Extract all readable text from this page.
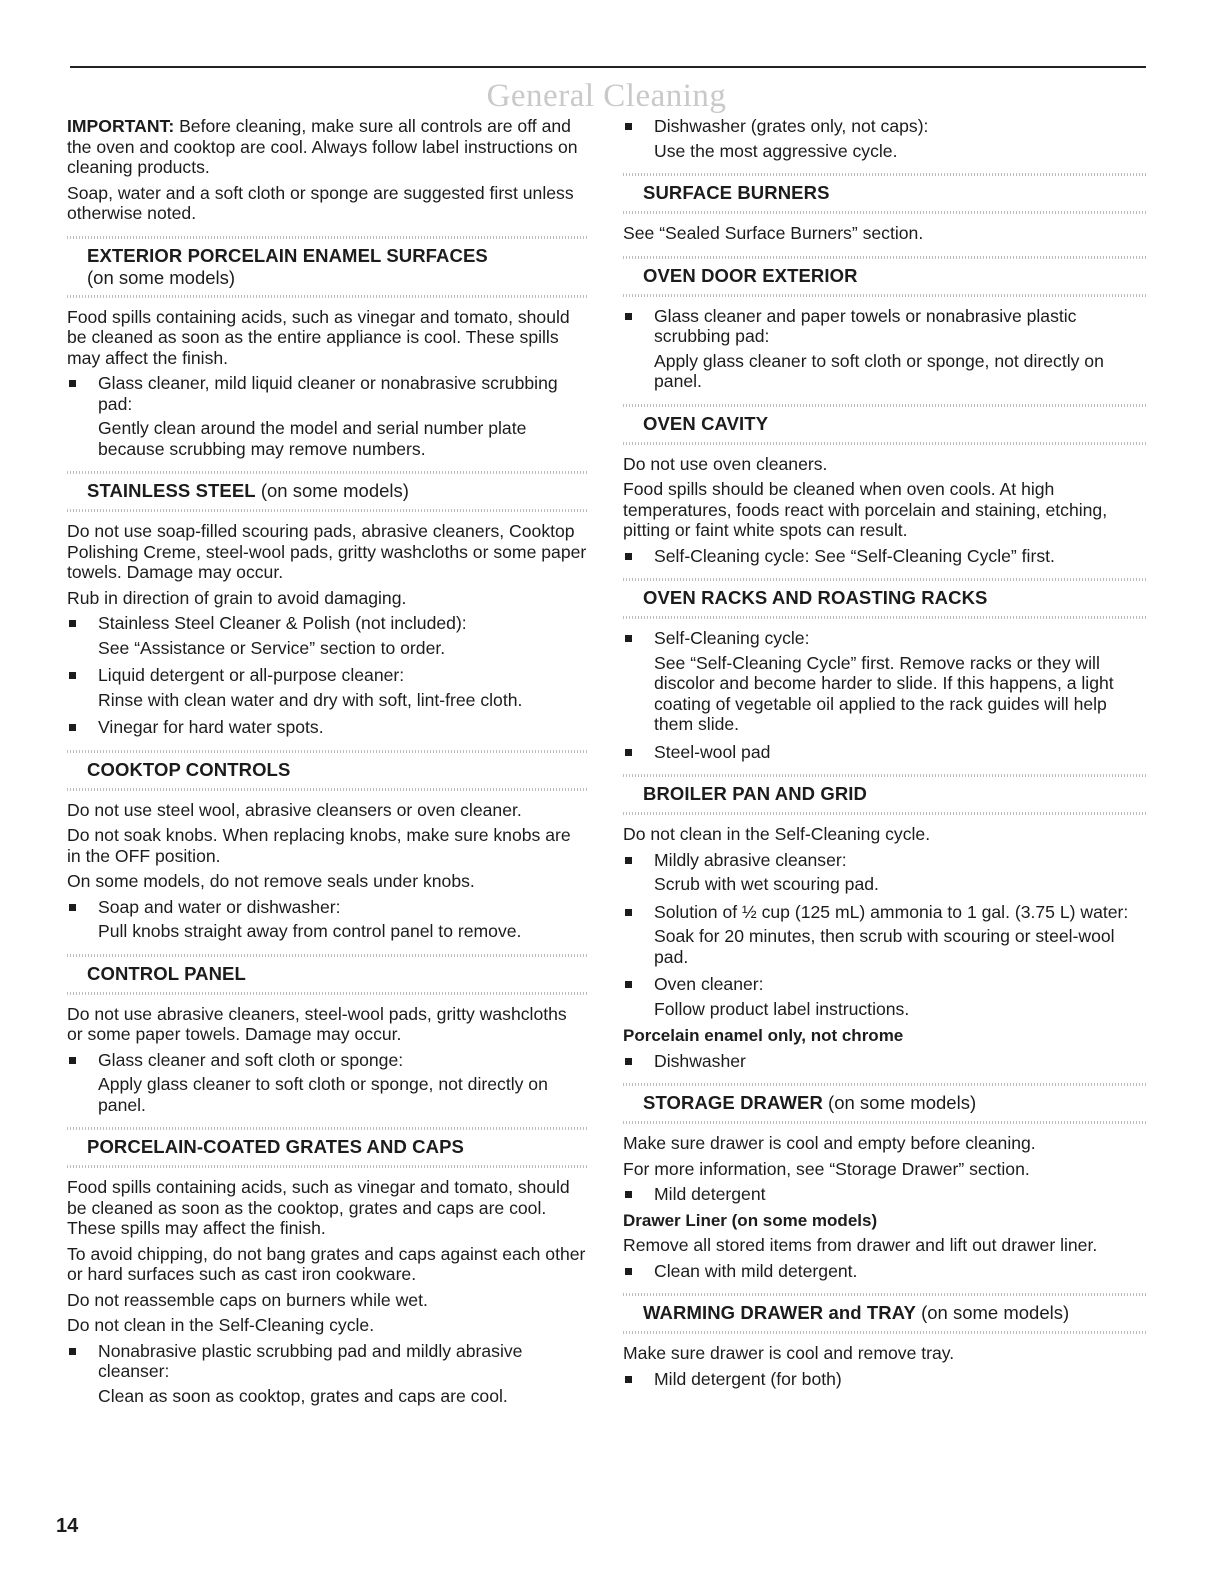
General Cleaning

IMPORTANT: Before cleaning, make sure all controls are off and the oven and cooktop are cool. Always follow label instructions on cleaning products.

Soap, water and a soft cloth or sponge are suggested first unless otherwise noted.

EXTERIOR PORCELAIN ENAMEL SURFACES
(on some models)

Food spills containing acids, such as vinegar and tomato, should be cleaned as soon as the entire appliance is cool. These spills may affect the finish.

Glass cleaner, mild liquid cleaner or nonabrasive scrubbing pad:

Gently clean around the model and serial number plate because scrubbing may remove numbers.

STAINLESS STEEL (on some models)

Do not use soap-filled scouring pads, abrasive cleaners, Cooktop Polishing Creme, steel-wool pads, gritty washcloths or some paper towels. Damage may occur.

Rub in direction of grain to avoid damaging.

Stainless Steel Cleaner & Polish (not included):

See “Assistance or Service” section to order.

Liquid detergent or all-purpose cleaner:

Rinse with clean water and dry with soft, lint-free cloth.

Vinegar for hard water spots.

COOKTOP CONTROLS

Do not use steel wool, abrasive cleansers or oven cleaner.

Do not soak knobs. When replacing knobs, make sure knobs are in the OFF position.

On some models, do not remove seals under knobs.

Soap and water or dishwasher:

Pull knobs straight away from control panel to remove.

CONTROL PANEL

Do not use abrasive cleaners, steel-wool pads, gritty washcloths or some paper towels. Damage may occur.

Glass cleaner and soft cloth or sponge:

Apply glass cleaner to soft cloth or sponge, not directly on panel.

PORCELAIN-COATED GRATES AND CAPS

Food spills containing acids, such as vinegar and tomato, should be cleaned as soon as the cooktop, grates and caps are cool. These spills may affect the finish.

To avoid chipping, do not bang grates and caps against each other or hard surfaces such as cast iron cookware.

Do not reassemble caps on burners while wet.

Do not clean in the Self-Cleaning cycle.

Nonabrasive plastic scrubbing pad and mildly abrasive cleanser:

Clean as soon as cooktop, grates and caps are cool.

Dishwasher (grates only, not caps):

Use the most aggressive cycle.

SURFACE BURNERS

See “Sealed Surface Burners” section.

OVEN DOOR EXTERIOR

Glass cleaner and paper towels or nonabrasive plastic scrubbing pad:

Apply glass cleaner to soft cloth or sponge, not directly on panel.

OVEN CAVITY

Do not use oven cleaners.

Food spills should be cleaned when oven cools. At high temperatures, foods react with porcelain and staining, etching, pitting or faint white spots can result.

Self-Cleaning cycle: See “Self-Cleaning Cycle” first.

OVEN RACKS AND ROASTING RACKS

Self-Cleaning cycle:

See “Self-Cleaning Cycle” first. Remove racks or they will discolor and become harder to slide. If this happens, a light coating of vegetable oil applied to the rack guides will help them slide.

Steel-wool pad

BROILER PAN AND GRID

Do not clean in the Self-Cleaning cycle.

Mildly abrasive cleanser:

Scrub with wet scouring pad.

Solution of ½ cup (125 mL) ammonia to 1 gal. (3.75 L) water:

Soak for 20 minutes, then scrub with scouring or steel-wool pad.

Oven cleaner:

Follow product label instructions.

Porcelain enamel only, not chrome

Dishwasher

STORAGE DRAWER (on some models)

Make sure drawer is cool and empty before cleaning.

For more information, see “Storage Drawer” section.

Mild detergent

Drawer Liner (on some models)

Remove all stored items from drawer and lift out drawer liner.

Clean with mild detergent.

WARMING DRAWER and TRAY (on some models)

Make sure drawer is cool and remove tray.

Mild detergent (for both)

14
